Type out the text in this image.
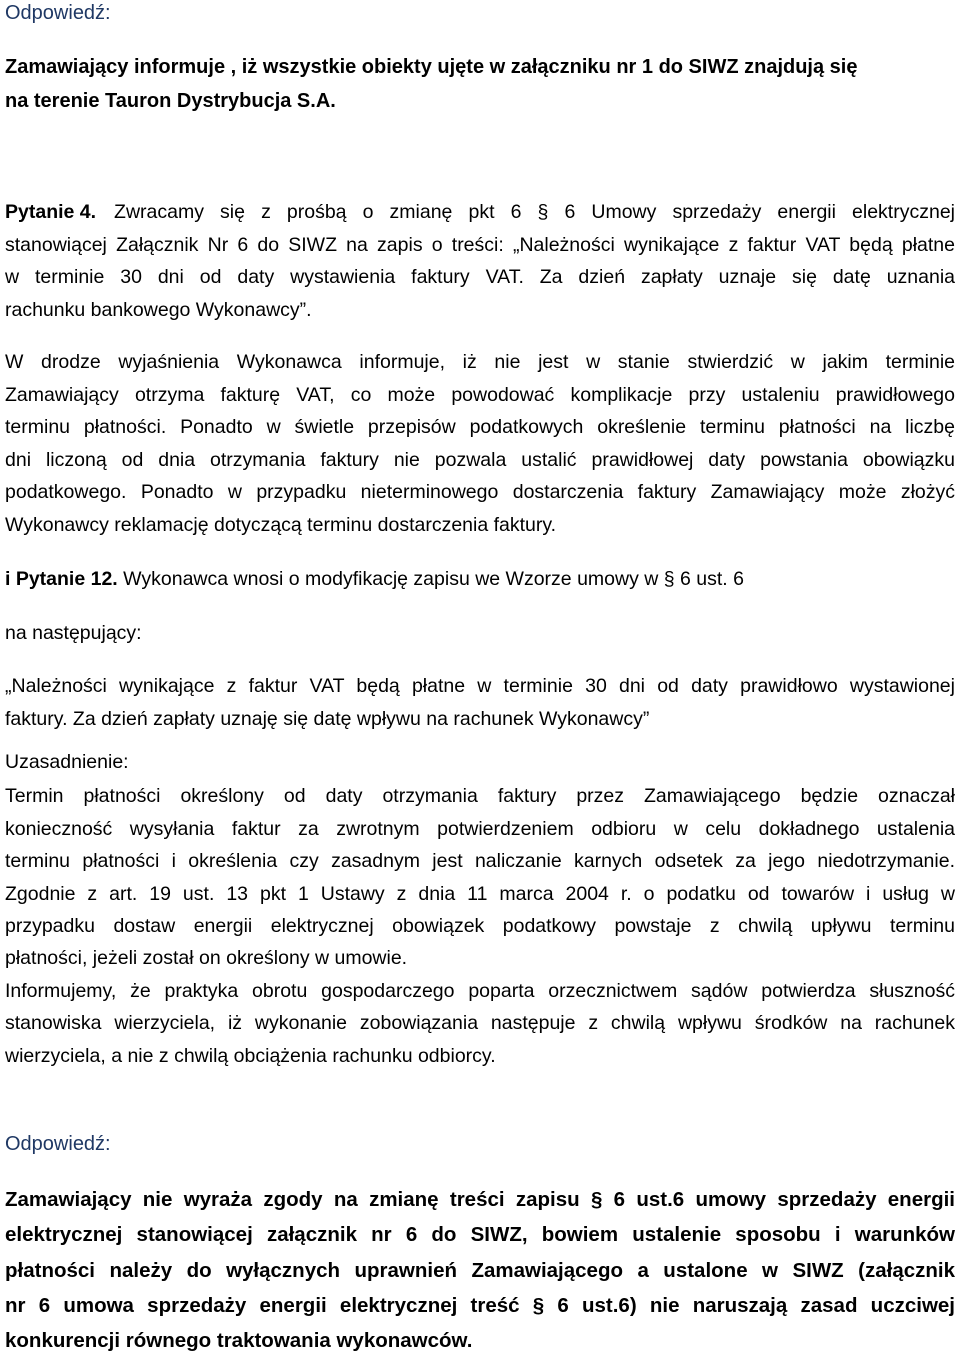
Odpowiedź:
Zamawiający informuje , iż wszystkie obiekty ujęte w załączniku nr 1 do SIWZ znajdują się
na terenie Tauron Dystrybucja S.A.
Pytanie 4. Zwracamy się z prośbą o zmianę pkt 6 § 6 Umowy sprzedaży energii elektrycznej
stanowiącej Załącznik Nr 6 do SIWZ na zapis o treści: „Należności wynikające z faktur VAT będą płatne
w terminie 30 dni od daty wystawienia faktury VAT. Za dzień zapłaty uznaje się datę uznania
rachunku bankowego Wykonawcy”.
W drodze wyjaśnienia Wykonawca informuje, iż nie jest w stanie stwierdzić w jakim terminie
Zamawiający otrzyma fakturę VAT, co może powodować komplikacje przy ustaleniu prawidłowego
terminu płatności. Ponadto w świetle przepisów podatkowych określenie terminu płatności na liczbę
dni liczoną od dnia otrzymania faktury nie pozwala ustalić prawidłowej daty powstania obowiązku
podatkowego. Ponadto w przypadku nieterminowego dostarczenia faktury Zamawiający może złożyć
Wykonawcy reklamację dotyczącą terminu dostarczenia faktury.
i Pytanie 12. Wykonawca wnosi o modyfikację zapisu we Wzorze umowy w § 6 ust. 6
na następujący:
„Należności wynikające z faktur VAT będą płatne w terminie 30 dni od daty prawidłowo wystawionej
faktury. Za dzień zapłaty uznaję się datę wpływu na rachunek Wykonawcy”
Uzasadnienie:
Termin płatności określony od daty otrzymania faktury przez Zamawiającego będzie oznaczał
konieczność wysyłania faktur za zwrotnym potwierdzeniem odbioru w celu dokładnego ustalenia
terminu płatności i określenia czy zasadnym jest naliczanie karnych odsetek za jego niedotrzymanie.
Zgodnie z art. 19 ust. 13 pkt 1 Ustawy z dnia 11 marca 2004 r. o podatku od towarów i usług w
przypadku dostaw energii elektrycznej obowiązek podatkowy powstaje z chwilą upływu terminu
płatności, jeżeli został on określony w umowie.
Informujemy, że praktyka obrotu gospodarczego poparta orzecznictwem sądów potwierdza słuszność
stanowiska wierzyciela, iż wykonanie zobowiązania następuje z chwilą wpływu środków na rachunek
wierzyciela, a nie z chwilą obciążenia rachunku odbiorcy.
Odpowiedź:
Zamawiający nie wyraża zgody na zmianę treści zapisu § 6 ust.6 umowy sprzedaży energii
elektrycznej stanowiącej załącznik nr 6 do SIWZ, bowiem ustalenie sposobu i warunków
płatności należy do wyłącznych uprawnień Zamawiającego a ustalone w SIWZ (załącznik
nr 6 umowa sprzedaży energii elektrycznej treść § 6 ust.6) nie naruszają zasad uczciwej
konkurencji równego traktowania wykonawców.
